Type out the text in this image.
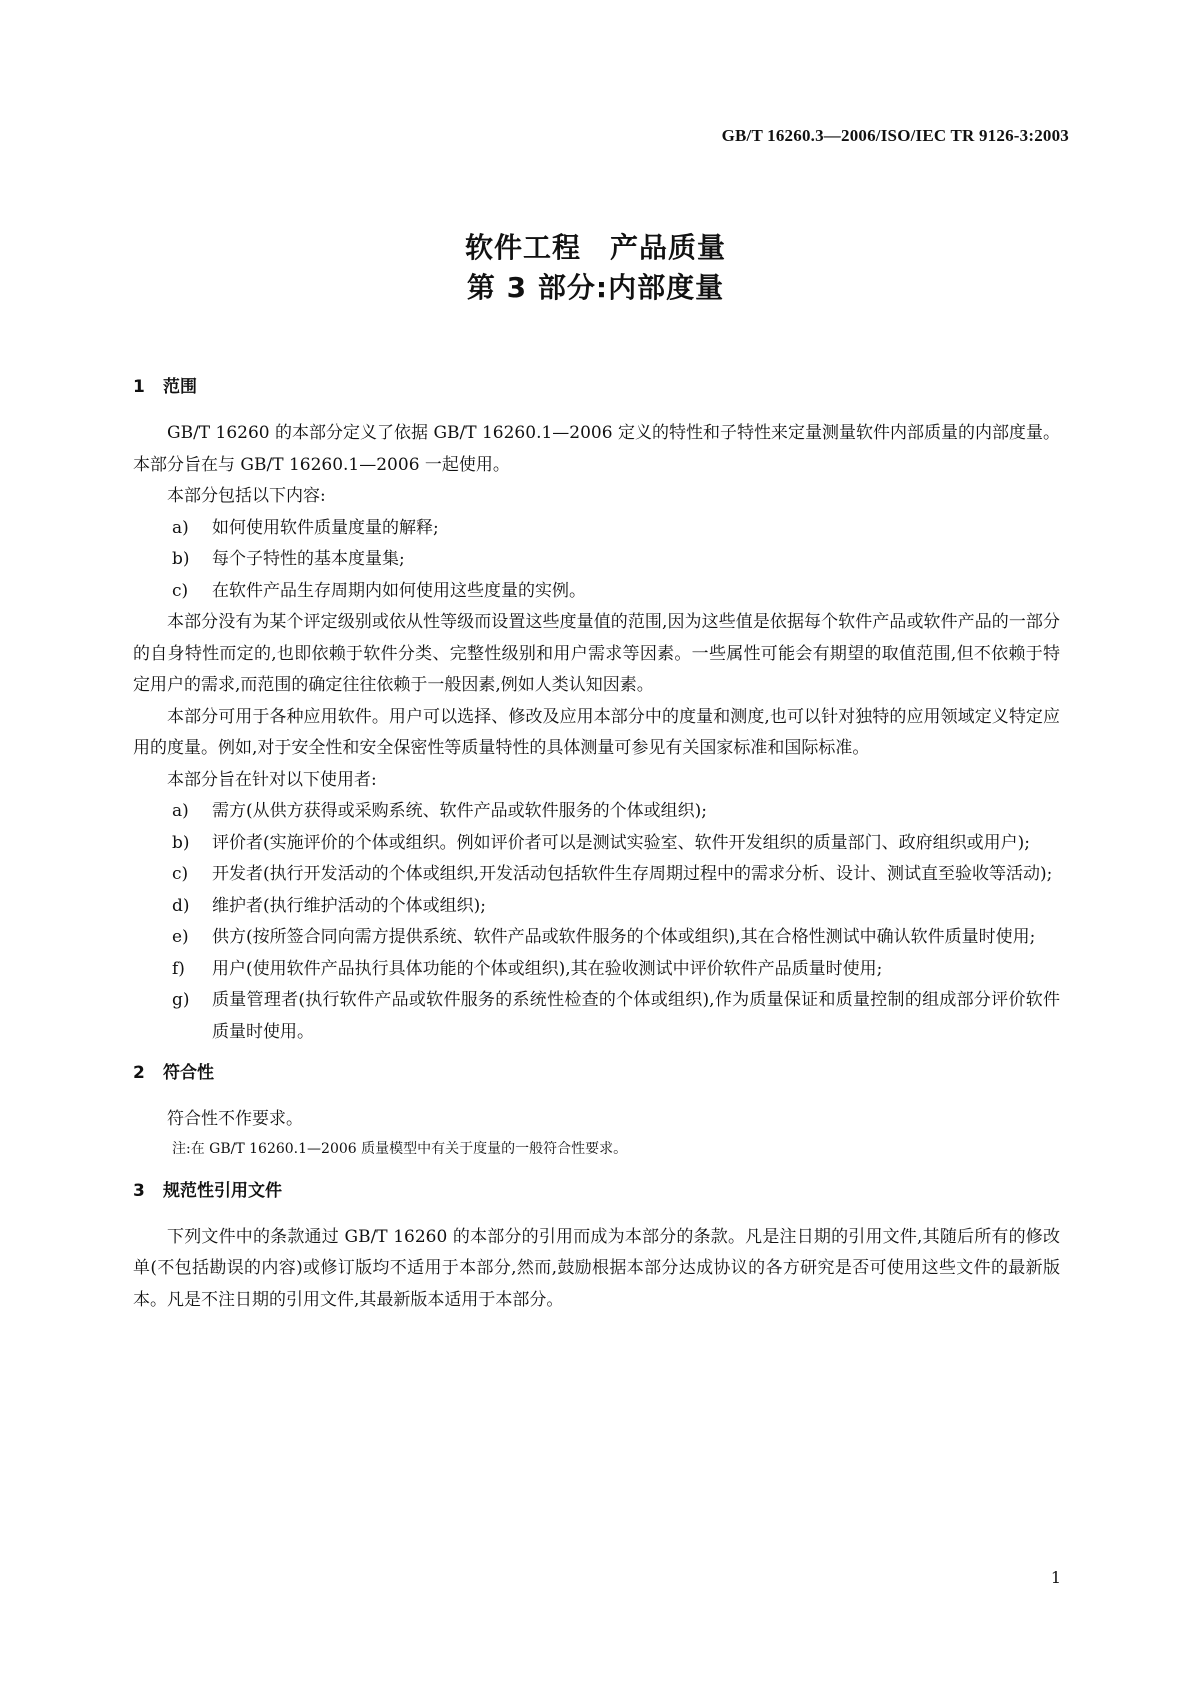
GB/T 16260.3—2006/ISO/IEC TR 9126-3:2003
软件工程　产品质量
第 3 部分:内部度量
1 范围

GB/T 16260 的本部分定义了依据 GB/T 16260.1—2006 定义的特性和子特性来定量测量软件内部质量的内部度量。本部分旨在与 GB/T 16260.1—2006 一起使用。

本部分包括以下内容:

a)	如何使用软件质量度量的解释;
b)	每个子特性的基本度量集;
c)	在软件产品生存周期内如何使用这些度量的实例。

本部分没有为某个评定级别或依从性等级而设置这些度量值的范围,因为这些值是依据每个软件产品或软件产品的一部分的自身特性而定的,也即依赖于软件分类、完整性级别和用户需求等因素。一些属性可能会有期望的取值范围,但不依赖于特定用户的需求,而范围的确定往往依赖于一般因素,例如人类认知因素。

本部分可用于各种应用软件。用户可以选择、修改及应用本部分中的度量和测度,也可以针对独特的应用领域定义特定应用的度量。例如,对于安全性和安全保密性等质量特性的具体测量可参见有关国家标准和国际标准。

本部分旨在针对以下使用者:

a)	需方(从供方获得或采购系统、软件产品或软件服务的个体或组织);
b)	评价者(实施评价的个体或组织。例如评价者可以是测试实验室、软件开发组织的质量部门、政府组织或用户);
c)	开发者(执行开发活动的个体或组织,开发活动包括软件生存周期过程中的需求分析、设计、测试直至验收等活动);
d)	维护者(执行维护活动的个体或组织);
e)	供方(按所签合同向需方提供系统、软件产品或软件服务的个体或组织),其在合格性测试中确认软件质量时使用;
f)	用户(使用软件产品执行具体功能的个体或组织),其在验收测试中评价软件产品质量时使用;
g)	质量管理者(执行软件产品或软件服务的系统性检查的个体或组织),作为质量保证和质量控制的组成部分评价软件质量时使用。
2 符合性

符合性不作要求。

注:在 GB/T 16260.1—2006 质量模型中有关于度量的一般符合性要求。

3 规范性引用文件

下列文件中的条款通过 GB/T 16260 的本部分的引用而成为本部分的条款。凡是注日期的引用文件,其随后所有的修改单(不包括勘误的内容)或修订版均不适用于本部分,然而,鼓励根据本部分达成协议的各方研究是否可使用这些文件的最新版本。凡是不注日期的引用文件,其最新版本适用于本部分。

1
